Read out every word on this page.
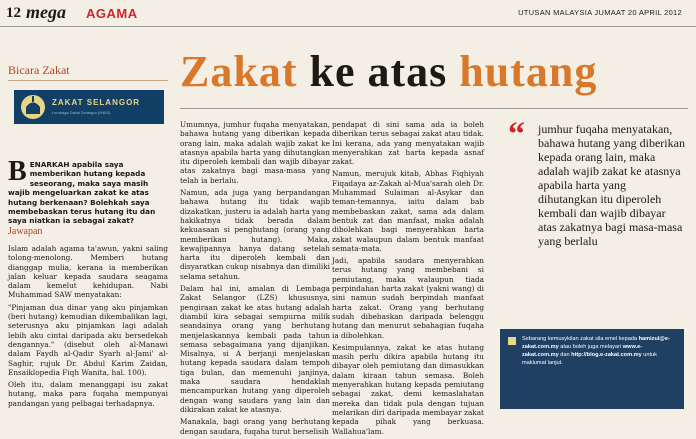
12 mega AGAMA	UTUSAN MALAYSIA JUMAAT 20 APRIL 2012
Bicara Zakat
ZAKAT SELANGOR
Lembaga Zakat Selangor (MAIS)
B ENARKAH apabila saya memberikan hutang kepada seseorang, maka saya masih wajib mengeluarkan zakat ke atas hutang berkenaan? Bolehkah saya membebaskan terus hutang itu dan saya niatkan ia sebagai zakat?
Jawapan

Islam adalah agama ta'awun, yakni saling tolong-menolong. Memberi hutang dianggap mulia, kerana ia memberikan jalan keluar kepada saudara seagama dalam kemelut kehidupan. Nabi Muhammad SAW menyatakan:

"Pinjaman dua dinar yang aku pinjamkan (beri hutang) kemudian dikembalikan lagi, seterusnya aku pinjamkan lagi adalah lebih aku cintai daripada aku bersedekah dengannya." (disebut oleh al-Manawi dalam Faydh al-Qadir Syarh al-Jami' al-Saghir, rujuk Dr. Abdul Karim Zaidan, Ensaiklopedia Fiqh Wanita, hal. 100).

Oleh itu, dalam menanggapi isu zakat hutang, maka para fuqaha mempunyai pandangan yang pelbagai terhadapnya.

Zakat ke atas hutang

Umumnya, jumhur fuqaha menyatakan, bahawa hutang yang diberikan kepada orang lain, maka adalah wajib zakat ke atasnya apabila harta yang dihutangkan itu diperoleh kembali dan wajib dibayar atas zakatnya bagi masa-masa yang telah ia berlalu.

Namun, ada juga yang berpandangan bahawa hutang itu tidak wajib dizakatkan, justeru ia adalah harta yang hakikatnya tidak berada dalam kekuasaan si penghutang (orang yang memberikan hutang). Maka, kewajipannya hanya datang setelah harta itu diperoleh kembali dan disyaratkan cukup nisabnya dan dimiliki selama setahun.

Dalam hal ini, amalan di Lembaga Zakat Selangor (LZS) khususnya, pengiraan zakat ke atas hutang adalah diambil kira sebagai sempurna milik seandainya orang yang berhutang menjelaskannya kembali pada tahun semasa sebagaimana yang dijanjikan. Misalnya, si A berjanji menjelaskan hutang kepada saudara dalam tempoh tiga bulan, dan memenuhi janjinya, maka saudara hendaklah mencampurkan hutang yang diperoleh dengan wang saudara yang lain dan dikirakan zakat ke atasnya.

Manakala, bagi orang yang berhutang dengan saudara, fuqaha turut berselisih

pendapat di sini sama ada ia boleh diberikan terus sebagai zakat atau tidak. Ini kerana, ada yang menyatakan wajib menyerahkan zat harta kepada asnaf zakat.

Namun, merujuk kitab, Abhas Fiqhiyah Fiqadaya az-Zakah al-Mua'sarah oleh Dr. Muhammad Sulaiman al-Asykar dan teman-temannya, iaitu dalam bab membebaskan zakat, sama ada dalam bentuk zat dan manfaat, maka adalah dibolehkan bagi menyerahkan harta zakat walaupun dalam bentuk manfaat semata-mata.

Jadi, apabila saudara menyerahkan terus hutang yang membebani si pemiutang, maka walaupun tiada perpindahan harta zakat (yakni wang) di sini namun sudah berpindah manfaat harta zakat. Orang yang berhutang sudah dibebaskan daripada belenggu hutang dan menurut sebahagian fuqaha ia dibolehkan.

Kesimpulannya, zakat ke atas hutang masih perlu dikira apabila hutang itu dibayar oleh pemiutang dan dimasukkan dalam kiraan tahun semasa. Boleh menyerahkan hutang kepada pemiutang sebagai zakat, demi kemaslahatan mereka dan tidak pula dengan tujuan melarikan diri daripada membayar zakat kepada pihak yang berkuasa. Wallahua'lam.

“ jumhur fuqaha menyatakan, bahawa hutang yang diberikan kepada orang lain, maka adalah wajib zakat ke atasnya apabila harta yang dihutangkan itu diperoleh kembali dan wajib dibayar atas zakatnya bagi masa-masa yang berlalu
Sebarang kemusykilan zakat sila emel kepada hamizul@e-zakat.com.my atau boleh juga melayari www.e-zakat.com.my dan http://blog.e-zakat.com.my untuk maklumat lanjut.
